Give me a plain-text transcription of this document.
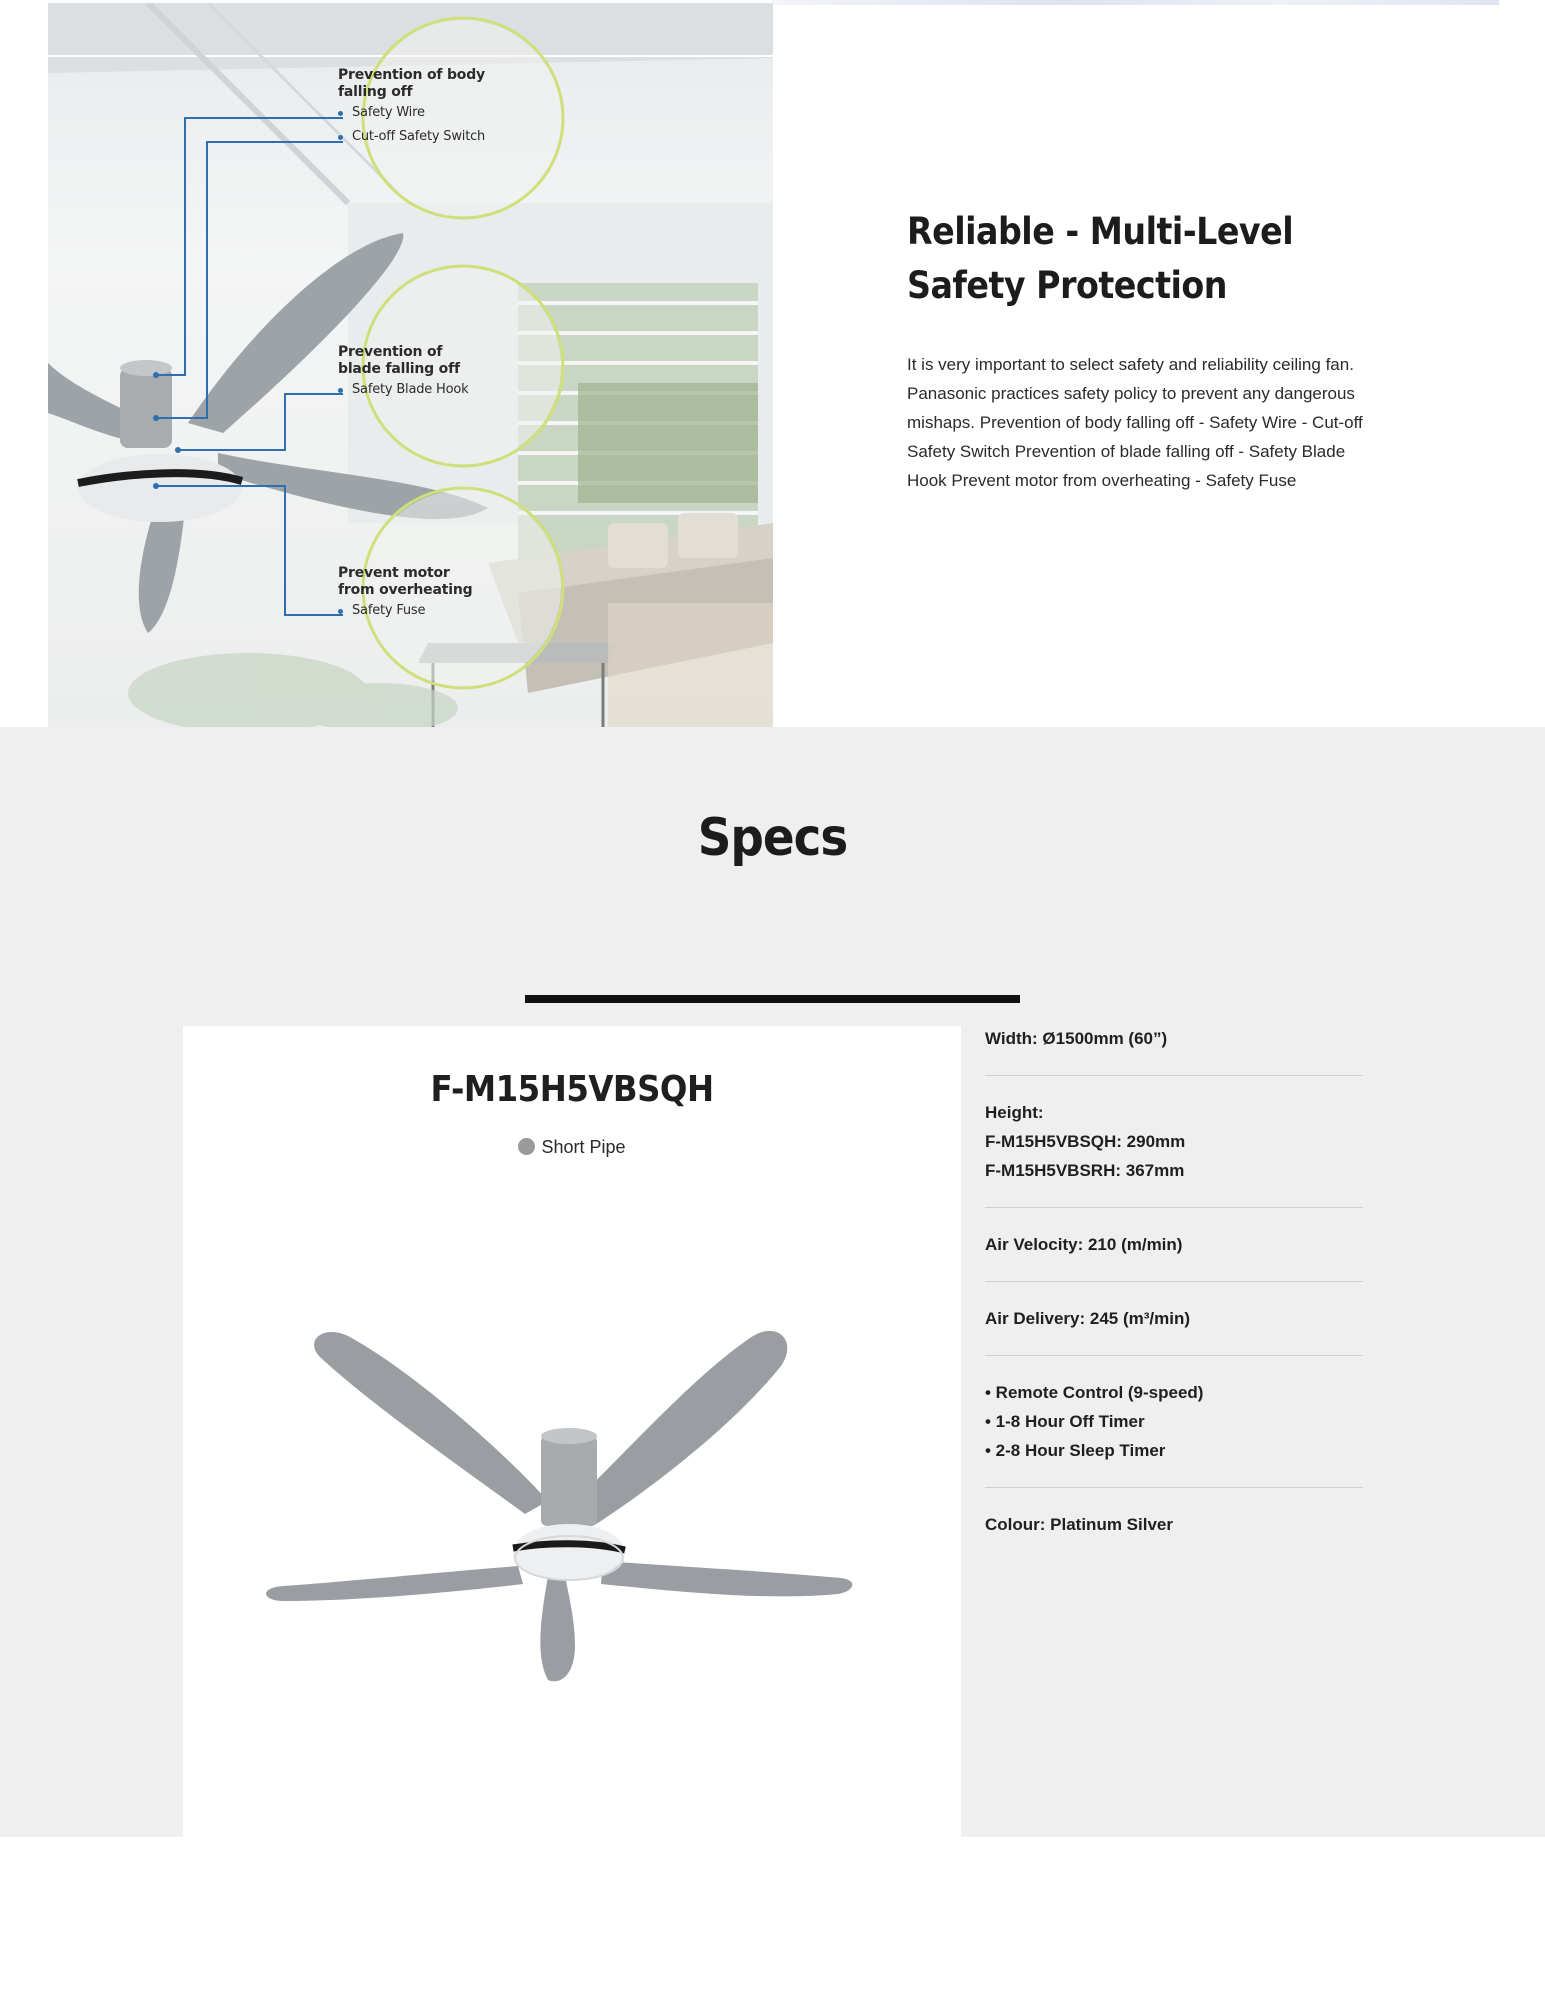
Prevention of body falling off
Safety Wire
Cut-off Safety Switch
Prevention of blade falling off
Safety Blade Hook
Prevent motor from overheating
Safety Fuse
Reliable - Multi-Level Safety Protection

It is very important to select safety and reliability ceiling fan. Panasonic practices safety policy to prevent any dangerous mishaps. Prevention of body falling off - Safety Wire - Cut-off Safety Switch Prevention of blade falling off - Safety Blade Hook Prevent motor from overheating - Safety Fuse

Specs
F-M15H5VBSQH
Short Pipe
Width: Ø1500mm (60”)
Height:
F-M15H5VBSQH: 290mm
F-M15H5VBSRH: 367mm
Air Velocity: 210 (m/min)
Air Delivery: 245 (m³/min)
• Remote Control (9-speed)
• 1-8 Hour Off Timer
• 2-8 Hour Sleep Timer
Colour: Platinum Silver
